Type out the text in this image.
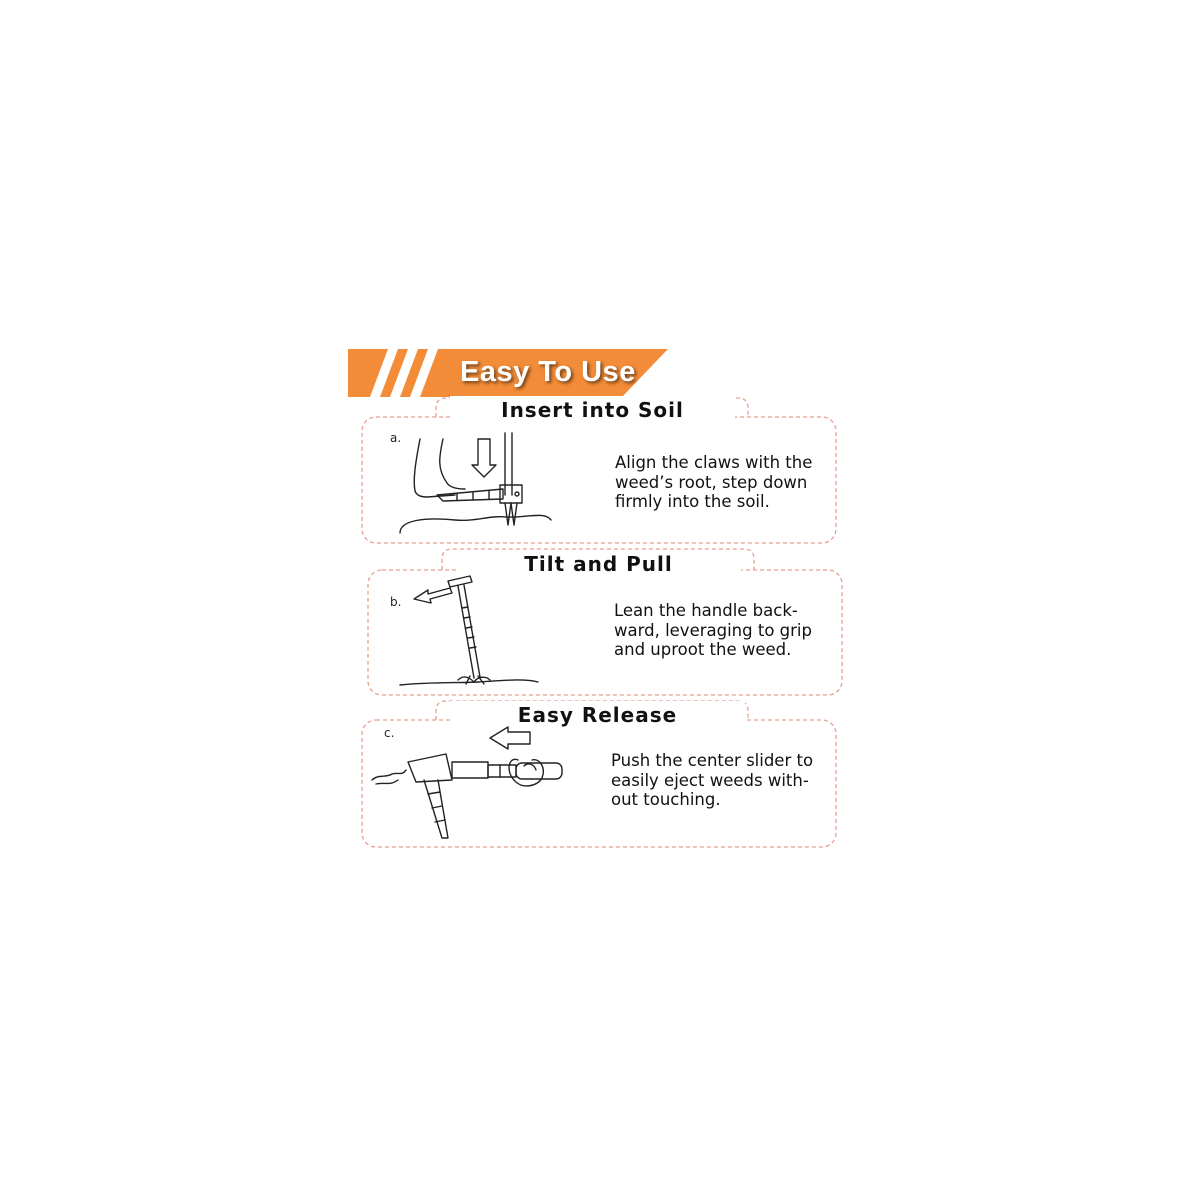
Easy To Use
Insert into Soil
a.

Align the claws with the weed’s root, step down firmly into the soil.

Tilt and Pull
b.	Lean the handle back-ward, leveraging to grip and uproot the weed.

Easy Release
c.

Push the center slider to easily eject weeds with-out touching.
